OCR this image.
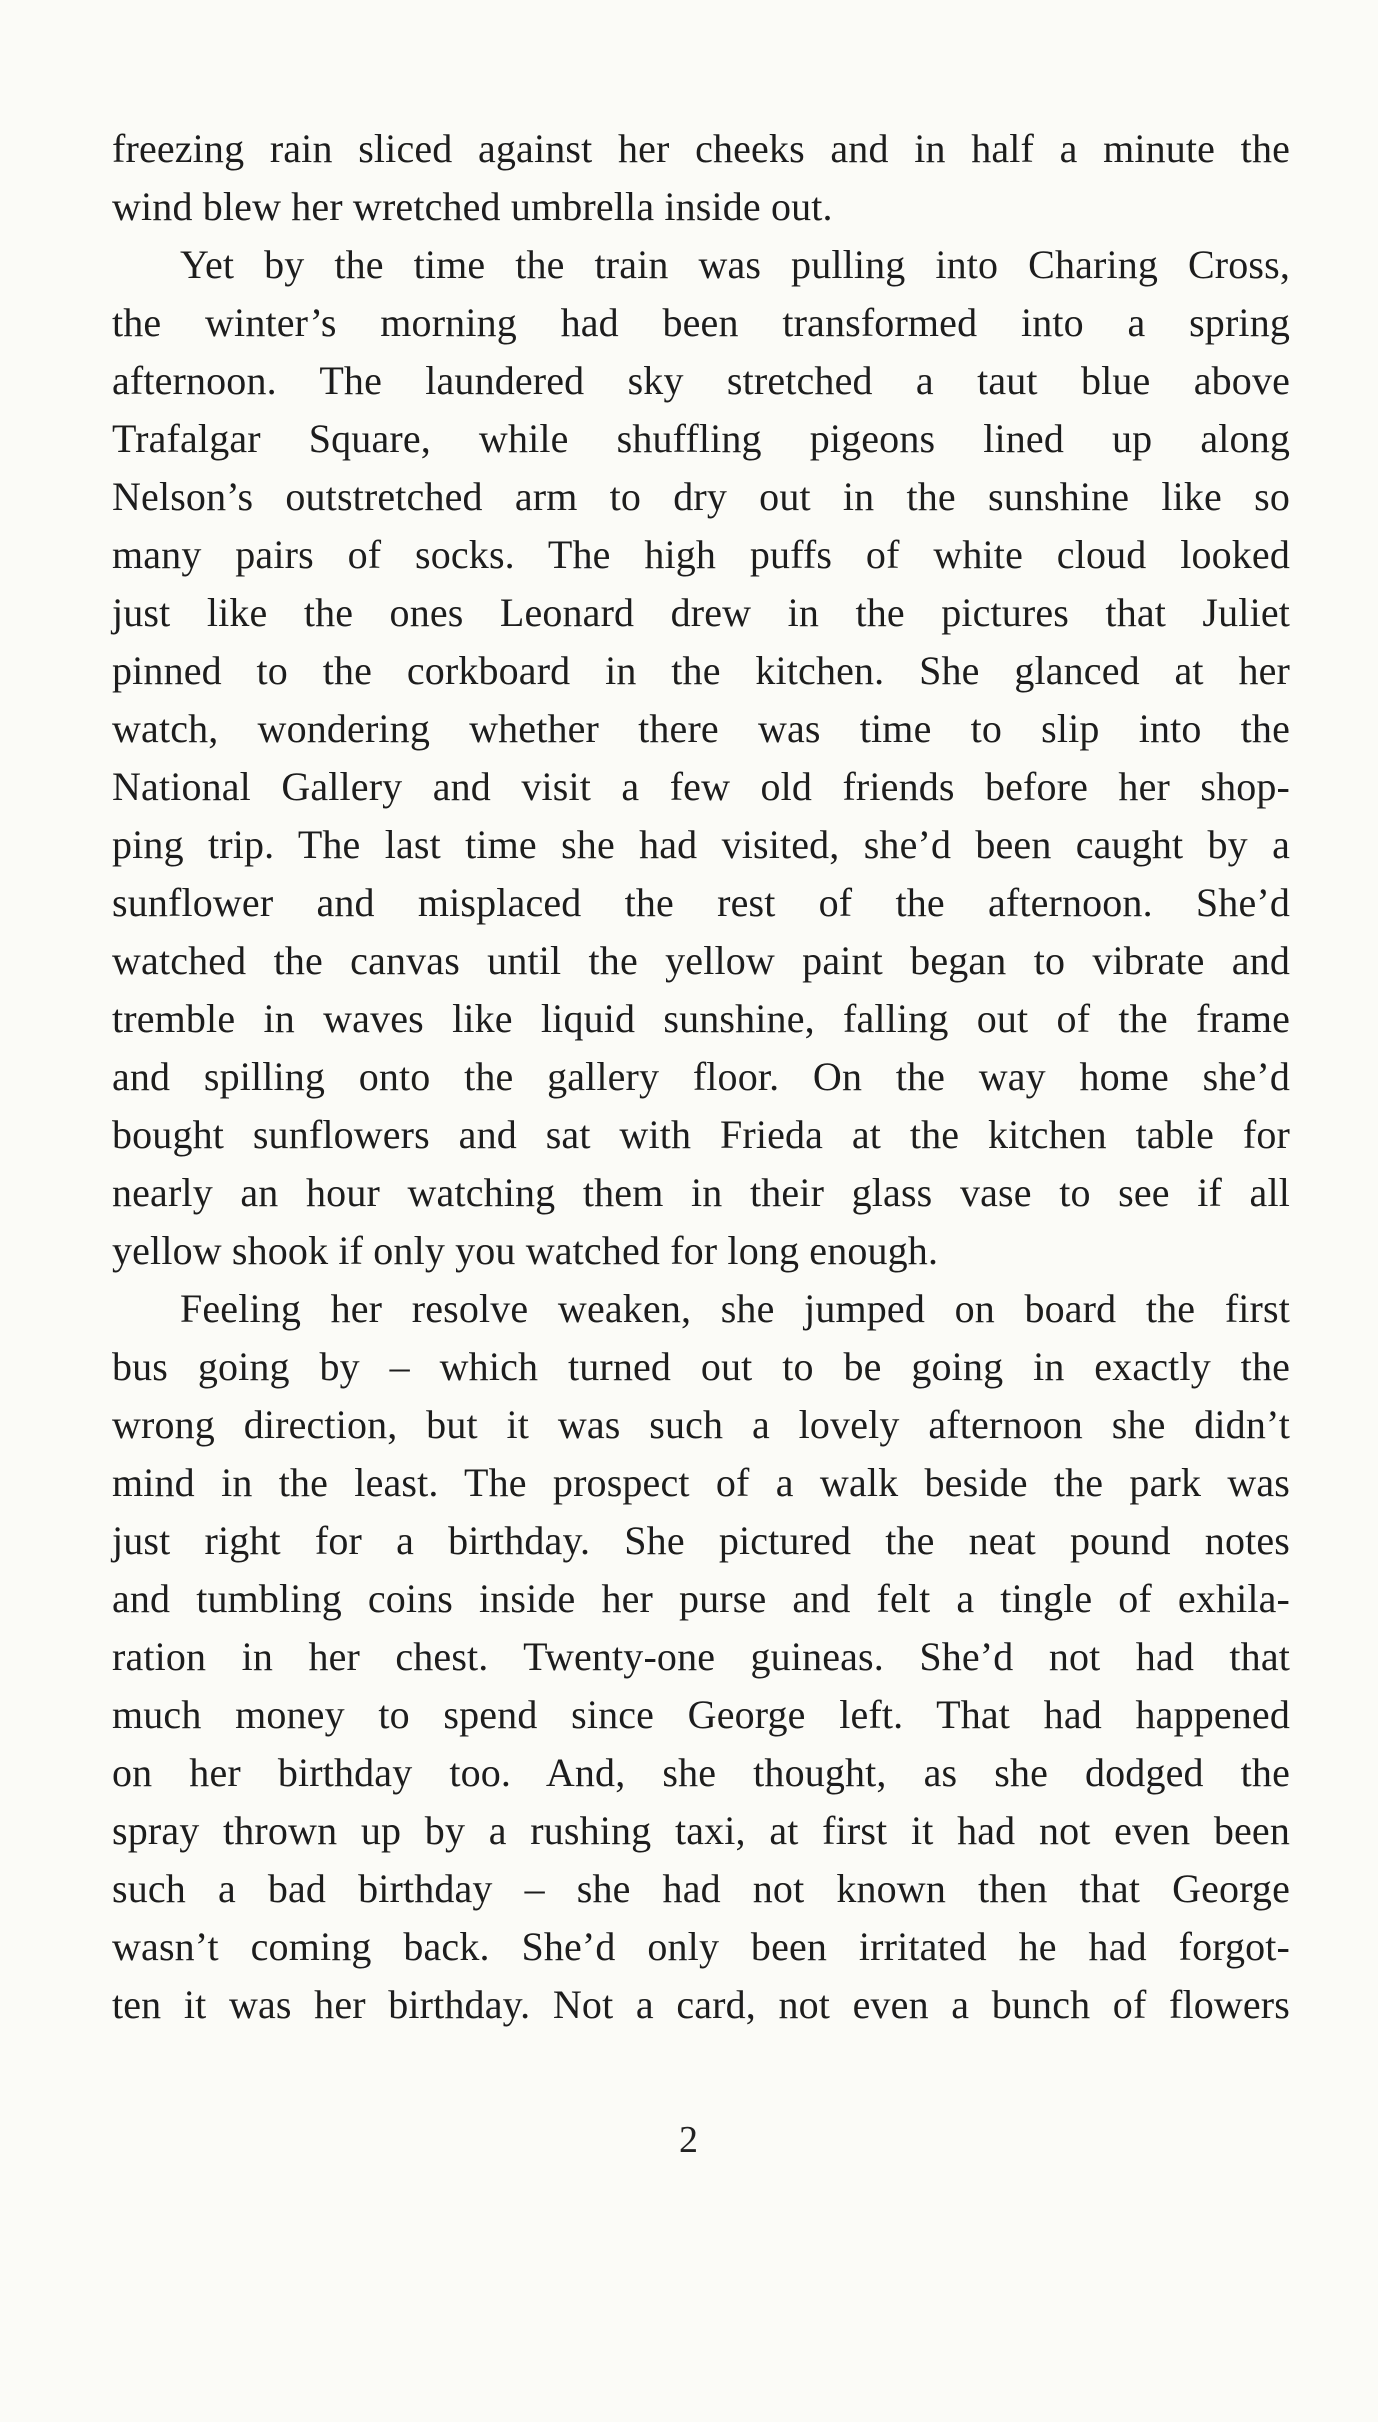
freezing rain sliced against her cheeks and in half a minute the
wind blew her wretched umbrella inside out.
Yet by the time the train was pulling into Charing Cross,
the winter’s morning had been transformed into a spring
afternoon. The laundered sky stretched a taut blue above
Trafalgar Square, while shuffling pigeons lined up along
Nelson’s outstretched arm to dry out in the sunshine like so
many pairs of socks. The high puffs of white cloud looked
just like the ones Leonard drew in the pictures that Juliet
pinned to the corkboard in the kitchen. She glanced at her
watch, wondering whether there was time to slip into the
National Gallery and visit a few old friends before her shop-
ping trip. The last time she had visited, she’d been caught by a
sunflower and misplaced the rest of the afternoon. She’d
watched the canvas until the yellow paint began to vibrate and
tremble in waves like liquid sunshine, falling out of the frame
and spilling onto the gallery floor. On the way home she’d
bought sunflowers and sat with Frieda at the kitchen table for
nearly an hour watching them in their glass vase to see if all
yellow shook if only you watched for long enough.
Feeling her resolve weaken, she jumped on board the first
bus going by – which turned out to be going in exactly the
wrong direction, but it was such a lovely afternoon she didn’t
mind in the least. The prospect of a walk beside the park was
just right for a birthday. She pictured the neat pound notes
and tumbling coins inside her purse and felt a tingle of exhila-
ration in her chest. Twenty-one guineas. She’d not had that
much money to spend since George left. That had happened
on her birthday too. And, she thought, as she dodged the
spray thrown up by a rushing taxi, at first it had not even been
such a bad birthday – she had not known then that George
wasn’t coming back. She’d only been irritated he had forgot-
ten it was her birthday. Not a card, not even a bunch of flowers
2
